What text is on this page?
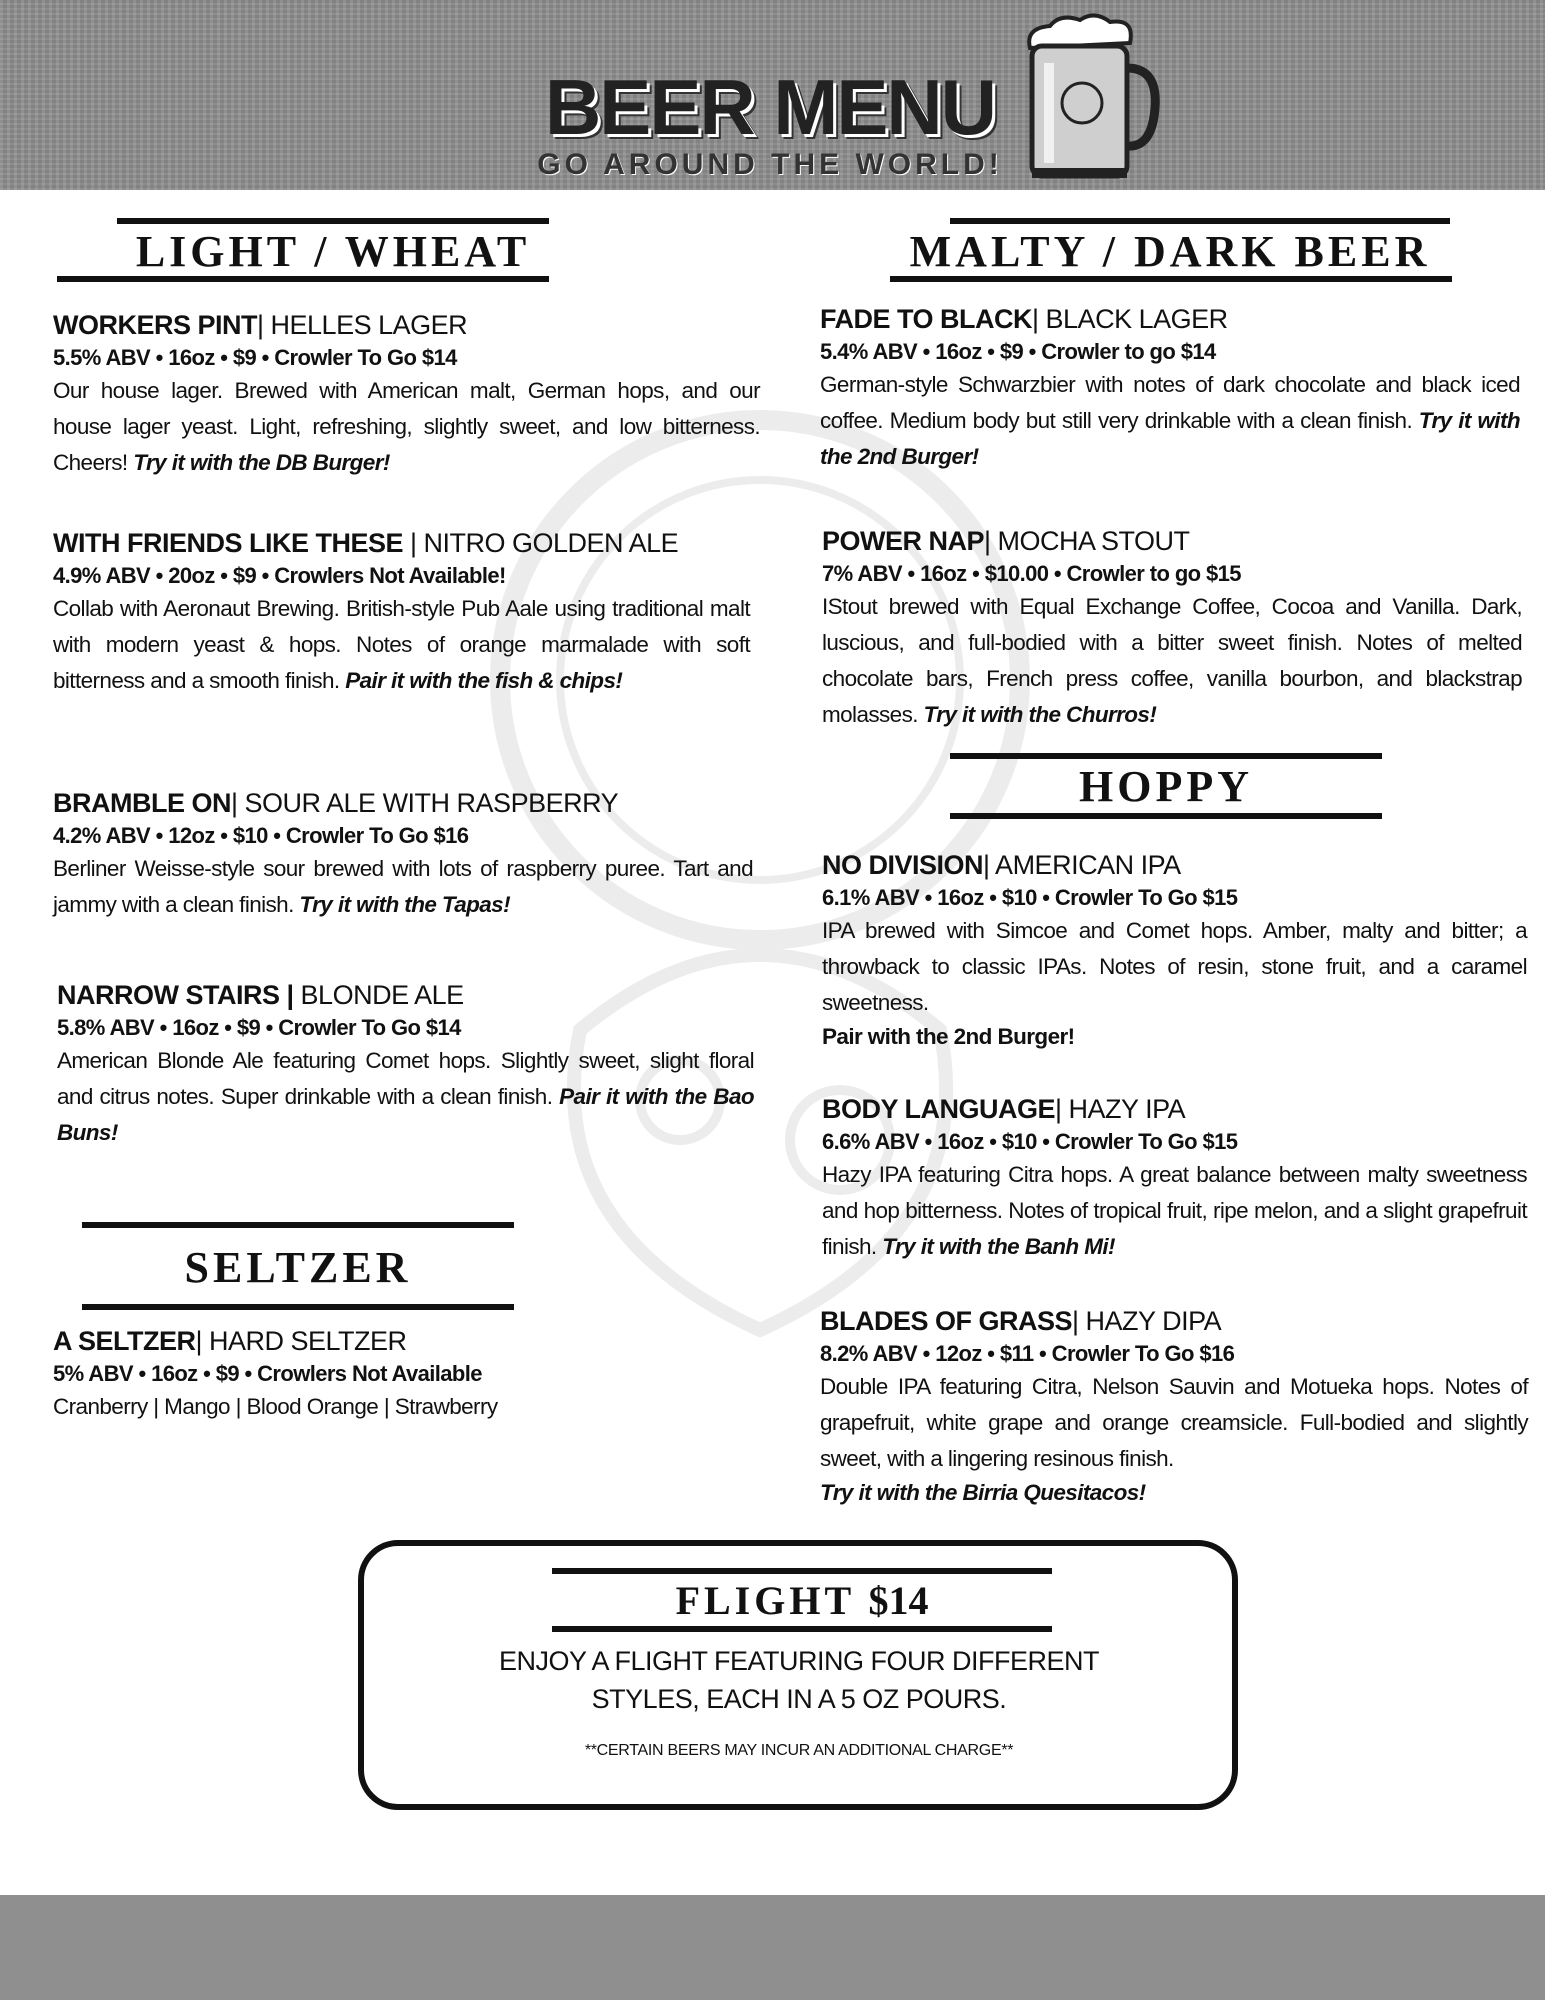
BEER MENU
GO AROUND THE WORLD!
LIGHT / WHEAT
WORKERS PINT| HELLES LAGER
5.5% ABV • 16oz • $9 • Crowler To Go $14
Our house lager. Brewed with American malt, German hops, and our house lager yeast. Light, refreshing, slightly sweet, and low bitterness. Cheers! Try it with the DB Burger!
WITH FRIENDS LIKE THESE | NITRO GOLDEN ALE
4.9% ABV • 20oz • $9 • Crowlers Not Available!
Collab with Aeronaut Brewing. British-style Pub Aale using traditional malt with modern yeast & hops. Notes of orange marmalade with soft bitterness and a smooth finish. Pair it with the fish & chips!
BRAMBLE ON| SOUR ALE WITH RASPBERRY
4.2% ABV • 12oz • $10 • Crowler To Go $16
Berliner Weisse-style sour brewed with lots of raspberry puree. Tart and jammy with a clean finish. Try it with the Tapas!
NARROW STAIRS | BLONDE ALE
5.8% ABV • 16oz • $9 • Crowler To Go $14
American Blonde Ale featuring Comet hops. Slightly sweet, slight floral and citrus notes. Super drinkable with a clean finish. Pair it with the Bao Buns!
SELTZER
A SELTZER| HARD SELTZER
5% ABV • 16oz • $9 • Crowlers Not Available
Cranberry | Mango | Blood Orange | Strawberry
MALTY / DARK BEER
FADE TO BLACK| BLACK LAGER
5.4% ABV • 16oz • $9 • Crowler to go $14
German-style Schwarzbier with notes of dark chocolate and black iced coffee. Medium body but still very drinkable with a clean finish. Try it with the 2nd Burger!
POWER NAP| MOCHA STOUT
7% ABV • 16oz • $10.00 • Crowler to go $15
IStout brewed with Equal Exchange Coffee, Cocoa and Vanilla. Dark, luscious, and full-bodied with a bitter sweet finish. Notes of melted chocolate bars, French press coffee, vanilla bourbon, and blackstrap molasses. Try it with the Churros!
HOPPY
NO DIVISION| AMERICAN IPA
6.1% ABV • 16oz • $10 • Crowler To Go $15
IPA brewed with Simcoe and Comet hops. Amber, malty and bitter; a throwback to classic IPAs. Notes of resin, stone fruit, and a caramel sweetness.
Pair with the 2nd Burger!
BODY LANGUAGE| HAZY IPA
6.6% ABV • 16oz • $10 • Crowler To Go $15
Hazy IPA featuring Citra hops. A great balance between malty sweetness and hop bitterness. Notes of tropical fruit, ripe melon, and a slight grapefruit finish. Try it with the Banh Mi!
BLADES OF GRASS| HAZY DIPA
8.2% ABV • 12oz • $11 • Crowler To Go $16
Double IPA featuring Citra, Nelson Sauvin and Motueka hops. Notes of grapefruit, white grape and orange creamsicle. Full-bodied and slightly sweet, with a lingering resinous finish.
Try it with the Birria Quesitacos!
FLIGHT $14
ENJOY A FLIGHT FEATURING FOUR DIFFERENT
STYLES, EACH IN A 5 OZ POURS.
**CERTAIN BEERS MAY INCUR AN ADDITIONAL CHARGE**
